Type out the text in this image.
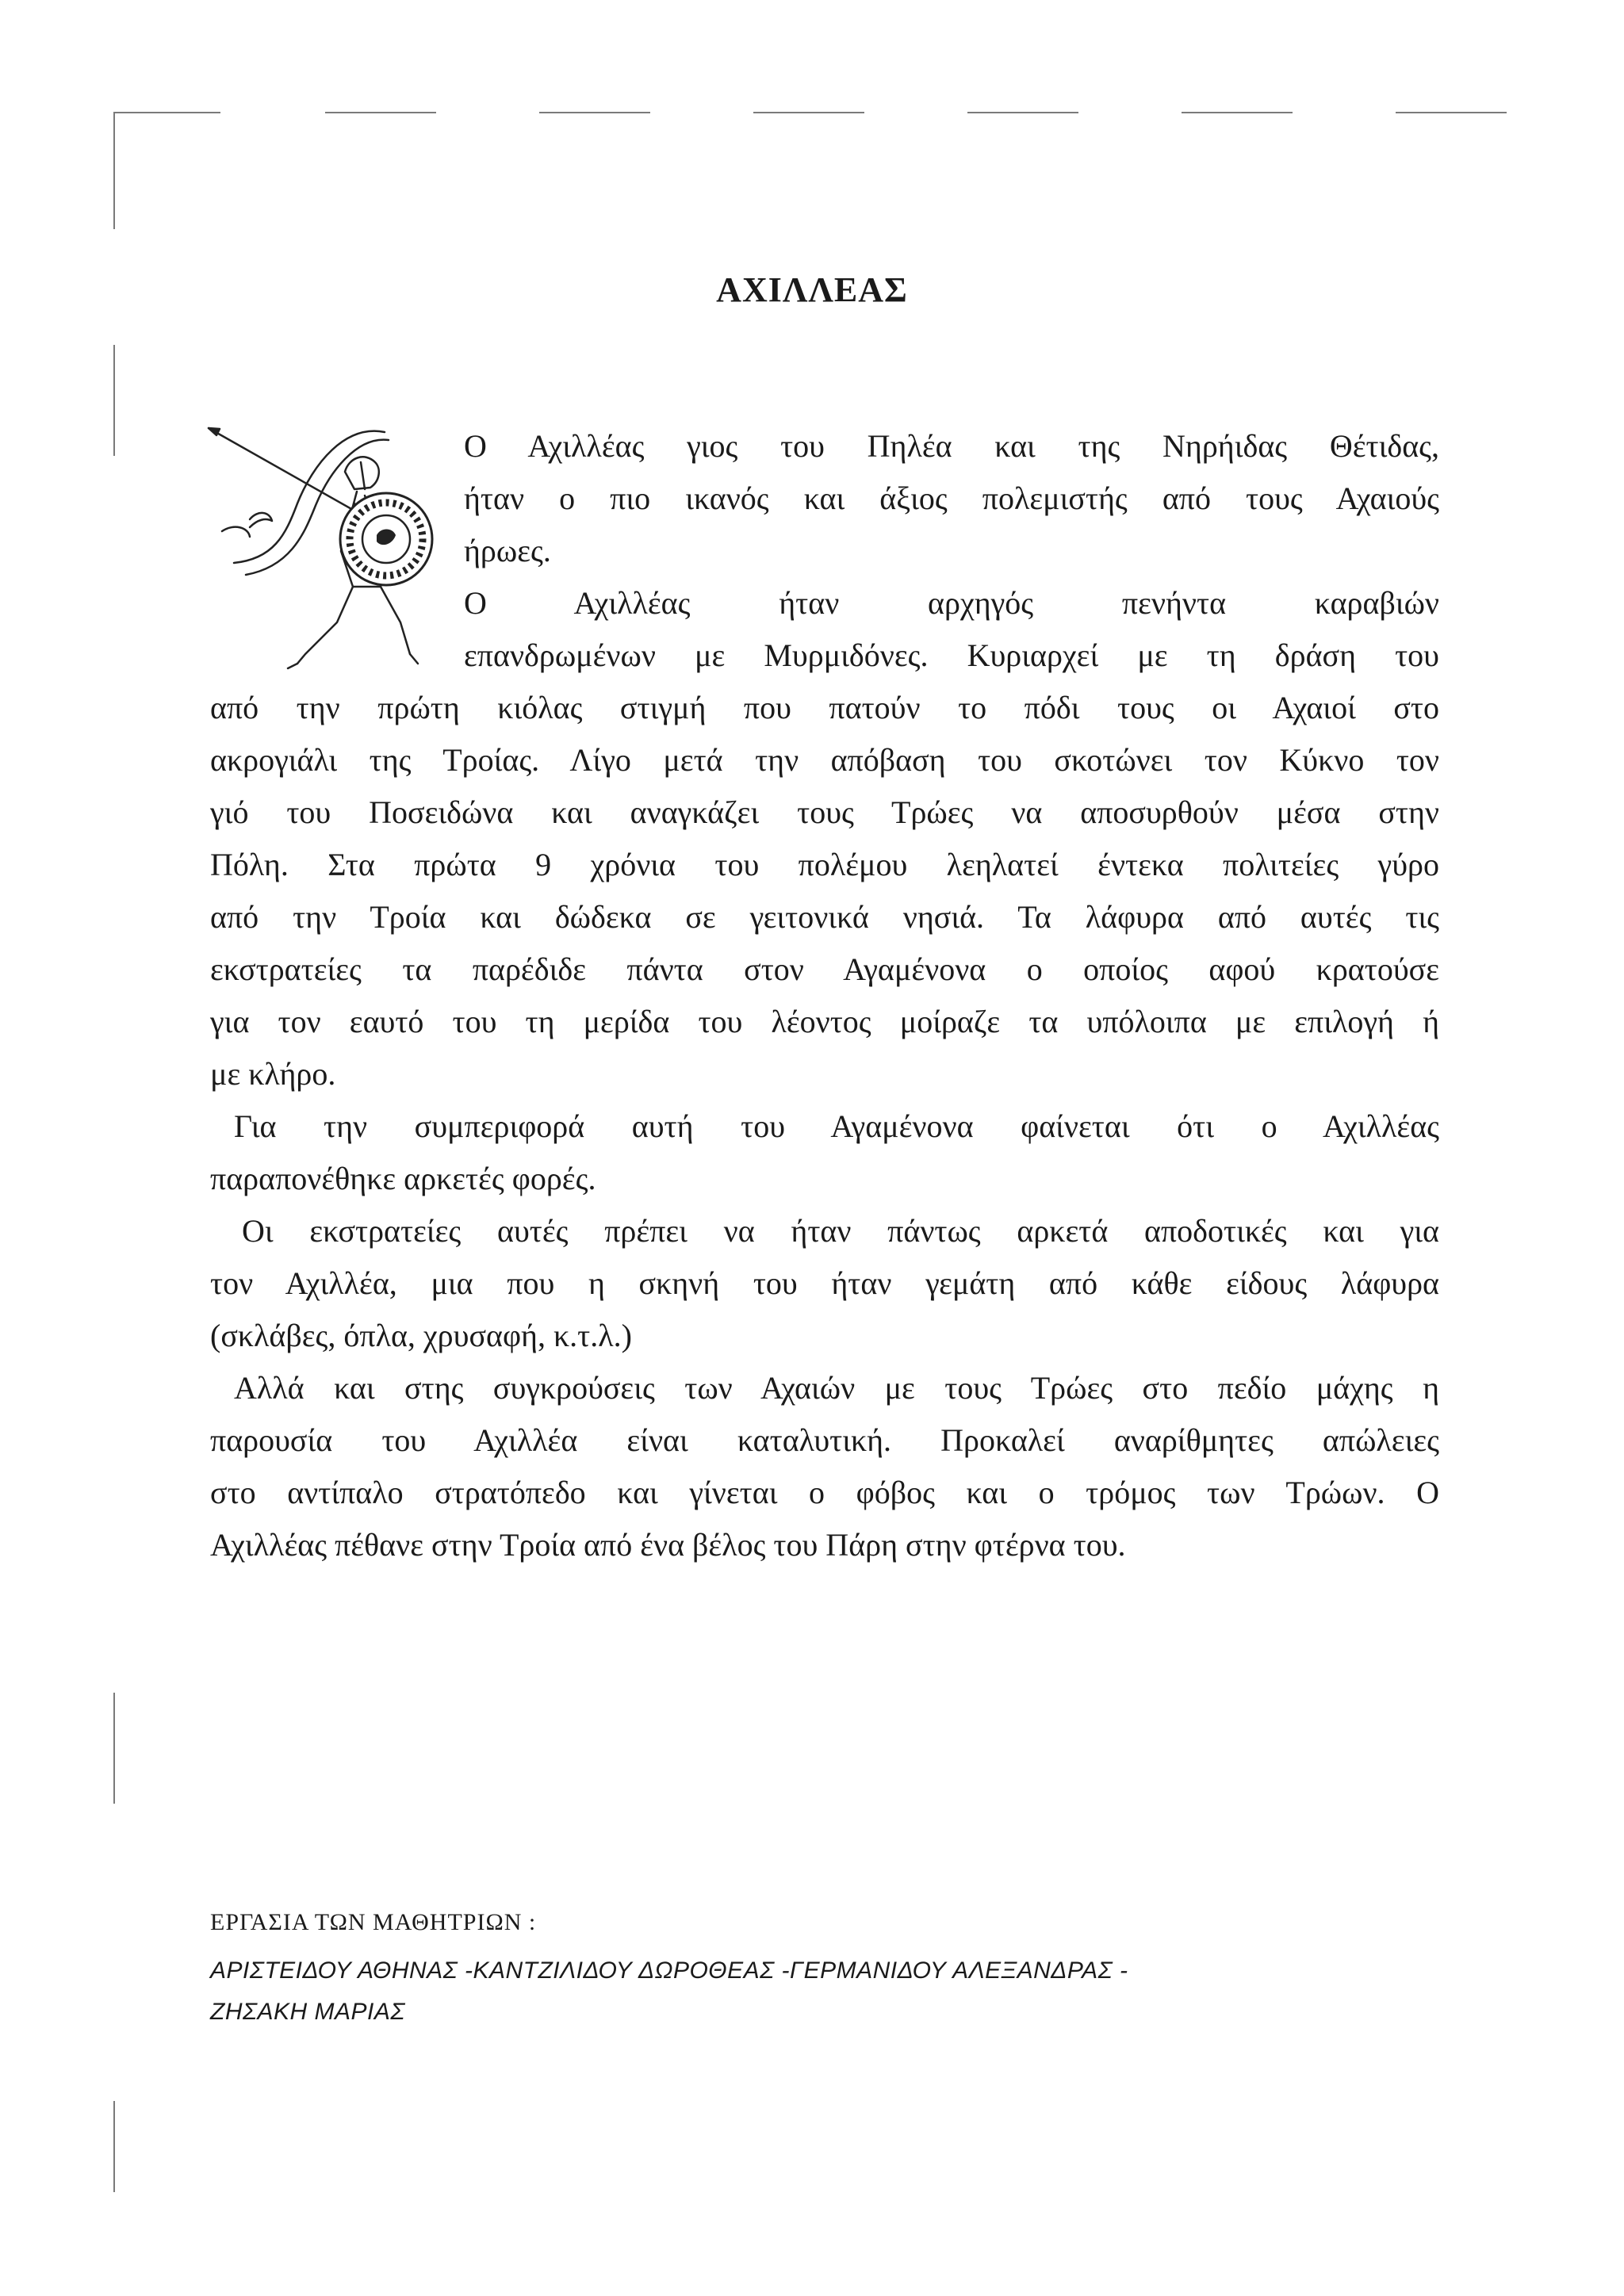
ΑΧΙΛΛΕΑΣ
Ο Αχιλλέας γιος του Πηλέα και της Νηρήιδας Θέτιδας,
ήταν ο πιο ικανός και άξιος πολεμιστής από τους Αχαιούς
ήρωες.
Ο Αχιλλέας ήταν αρχηγός πενήντα καραβιών
επανδρωμένων με Μυρμιδόνες. Κυριαρχεί με τη δράση του
από την πρώτη κιόλας στιγμή που πατούν το πόδι τους οι Αχαιοί στο
ακρογιάλι της Τροίας. Λίγο μετά την απόβαση του σκοτώνει τον Κύκνο τον
γιό του Ποσειδώνα και αναγκάζει τους Τρώες να αποσυρθούν μέσα στην
Πόλη. Στα πρώτα 9 χρόνια του πολέμου λεηλατεί έντεκα πολιτείες γύρο
από την Τροία και δώδεκα σε γειτονικά νησιά. Τα λάφυρα από αυτές τις
εκστρατείες τα παρέδιδε πάντα στον Αγαμένονα ο οποίος αφού κρατούσε
για τον εαυτό του τη μερίδα του λέοντος μοίραζε τα υπόλοιπα με επιλογή ή
με κλήρο.
Για την συμπεριφορά αυτή του Αγαμένονα φαίνεται ότι ο Αχιλλέας
παραπονέθηκε αρκετές φορές.
Οι εκστρατείες αυτές πρέπει να ήταν πάντως αρκετά αποδοτικές και για
τον Αχιλλέα, μια που η σκηνή του ήταν γεμάτη από κάθε είδους λάφυρα
(σκλάβες, όπλα, χρυσαφή, κ.τ.λ.)
Αλλά και στης συγκρούσεις των Αχαιών με τους Τρώες στο πεδίο μάχης η
παρουσία του Αχιλλέα είναι καταλυτική. Προκαλεί αναρίθμητες απώλειες
στο αντίπαλο στρατόπεδο και γίνεται ο φόβος και ο τρόμος των Τρώων. Ο
Αχιλλέας πέθανε στην Τροία από ένα βέλος του Πάρη στην φτέρνα του.
ΕΡΓΑΣΙΑ ΤΩΝ ΜΑΘΗΤΡΙΩΝ :
ΑΡΙΣΤΕΙΔΟΥ ΑΘΗΝΑΣ -ΚΑΝΤΖΙΛΙΔΟΥ ΔΩΡΟΘΕΑΣ -ΓΕΡΜΑΝΙΔΟΥ ΑΛΕΞΑΝΔΡΑΣ -
ΖΗΣΑΚΗ ΜΑΡΙΑΣ
